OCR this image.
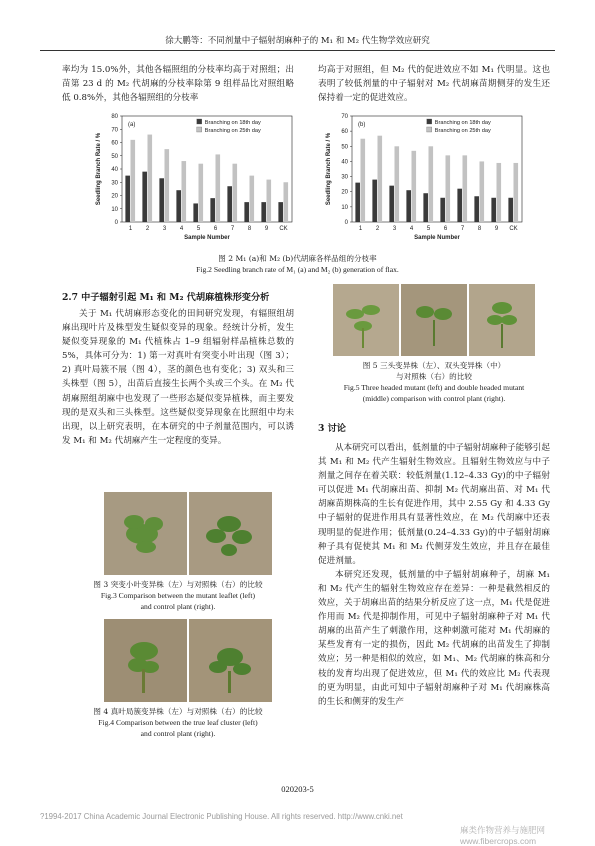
徐大鹏等：不同剂量中子辐射胡麻种子的 M₁ 和 M₂ 代生物学效应研究

率均为 15.0%外，其他各辐照组的分枝率均高于对照组；出苗第 23 d 的 M₂ 代胡麻的分枝率除第 9 组样品比对照组略低 0.8%外，其他各辐照组的分枝率

均高于对照组，但 M₂ 代的促进效应不如 M₁ 代明显。这也表明了较低剂量的中子辐射对 M₂ 代胡麻苗期侧芽的发生还保持着一定的促进效应。

0
10
20
30
40
50
60
70
80
1 2 3 4 5 6 7 8 9 CK
Sample Number
Seedling Branch Rate / %
(a)	Branching on 18th day
Branching on 25th day
0
10
20
30
40
50
60
70
1 2 3 4 5 6 7 8 9 CK
Sample Number
Seedling Branch Rate / %
(b)	Branching on 18th day
Branching on 25th day
图 2 M₁ (a)和 M₂ (b)代胡麻各样品组的分枝率
Fig.2 Seedling branch rate of M₁ (a) and M₂ (b) generation of flax.
2.7 中子辐射引起 M₁ 和 M₂ 代胡麻植株形变分析

关于 M₁ 代胡麻形态变化的田间研究发现，有辐照组胡麻出现叶片及株型发生疑似变异的现象。经统计分析，发生疑似变异现象的 M₁ 代植株占 1–9 组辐射样品植株总数的 5%，具体可分为：1) 第一对真叶有突变小叶出现（图 3）；2) 真叶局簇不展（图 4），茎的颜色也有变化；3) 双头和三头株型（图 5），出苗后直接生长两个头或三个头。在 M₂ 代胡麻照组胡麻中也发现了一些形态疑似变异植株，而主要发现的是双头和三头株型。这些疑似变异现象在比照组中均未出现，以上研究表明，在本研究的中子剂量范围内，可以诱发 M₁ 和 M₂ 代胡麻产生一定程度的变异。

图 3 突变小叶变异株（左）与对照株（右）的比较
Fig.3 Comparison between the mutant leaflet (left)
and control plant (right).
图 4 真叶局簇变异株（左）与对照株（右）的比较
Fig.4 Comparison between the true leaf cluster (left)
and control plant (right).
图 5 三头变异株（左）、双头变异株（中）
与对照株（右）的比较
Fig.5 Three headed mutant (left) and double headed mutant
(middle) comparison with control plant (right).
3 讨论

从本研究可以看出，低剂量的中子辐射胡麻种子能够引起其 M₁ 和 M₂ 代产生辐射生物效应。且辐射生物效应与中子剂量之间存在着关联：较低剂量(1.12–4.33 Gy)的中子辐射可以促进 M₁ 代胡麻出苗、抑制 M₂ 代胡麻出苗、对 M₁ 代胡麻苗期株高的生长有促进作用，其中 2.55 Gy 和 4.33 Gy 中子辐射的促进作用具有显著性效应，在 M₂ 代胡麻中还表现明显的促进作用；低剂量(0.24–4.33 Gy)的中子辐射胡麻种子具有促使其 M₁ 和 M₂ 代侧芽发生效应，并且存在最佳促进剂量。

本研究还发现，低剂量的中子辐射胡麻种子，胡麻 M₁ 和 M₂ 代产生的辐射生物效应存在差异：一种是截然相反的效应，关于胡麻出苗的结果分析反应了这一点，M₁ 代是促进作用而 M₂ 代是抑制作用，可见中子辐射胡麻种子对 M₁ 代胡麻的出苗产生了刺激作用，这种刺激可能对 M₁ 代胡麻的某些发育有一定的损伤，因此 M₂ 代胡麻的出苗发生了抑制效应；另一种是相似的效应，如 M₁、M₂ 代胡麻的株高和分枝的发育均出现了促进效应，但 M₁ 代的效应比 M₂ 代表现的更为明显，由此可知中子辐射胡麻种子对 M₁ 代胡麻株高的生长和侧芽的发生产

020203-5
?1994-2017 China Academic Journal Electronic Publishing House. All rights reserved. http://www.cnki.net
麻类作物营养与施肥网 www.fibercrops.com
